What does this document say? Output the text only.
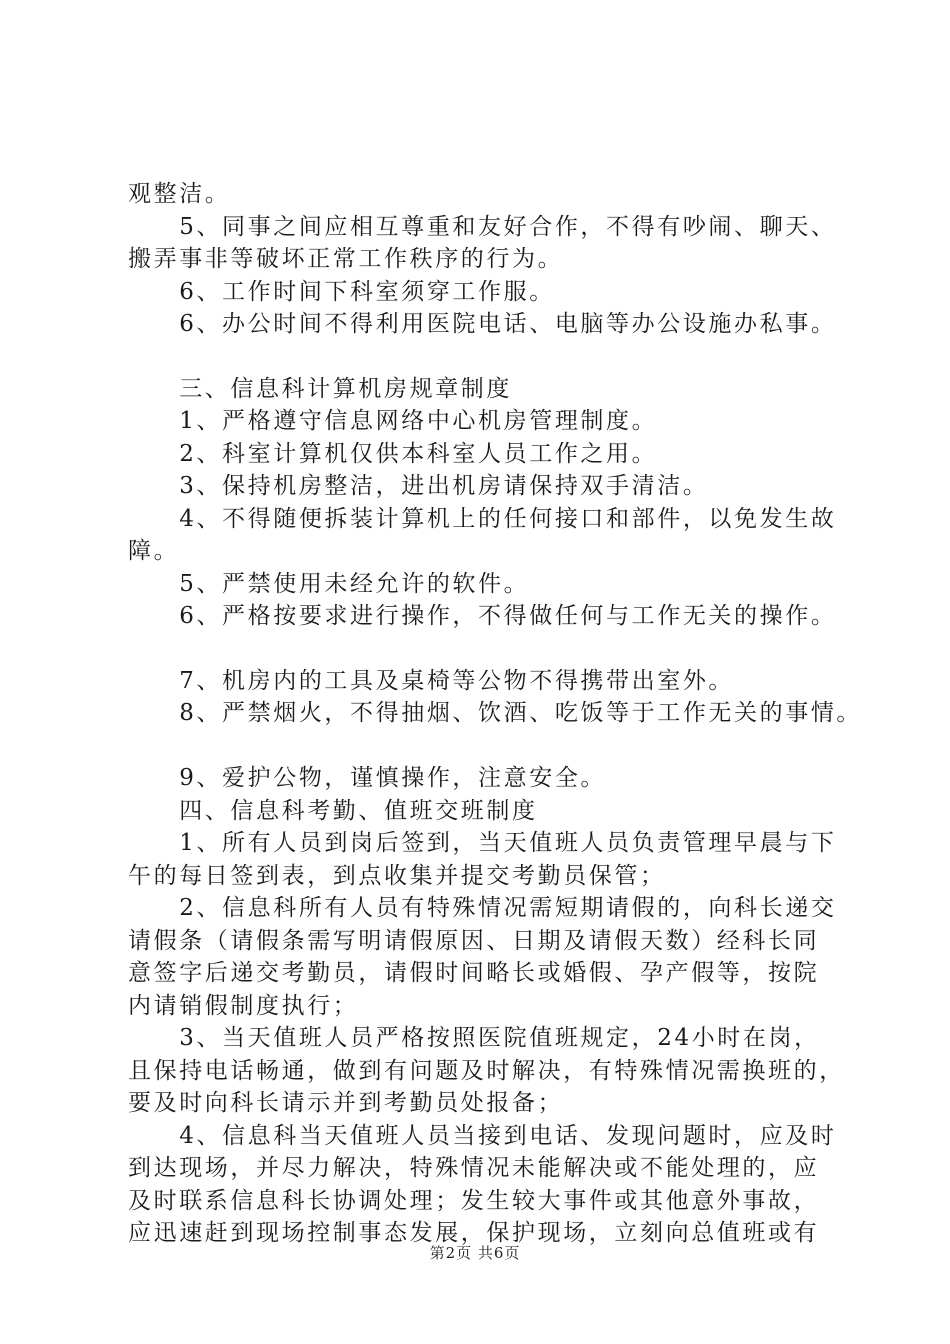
观整洁。

　　5、同事之间应相互尊重和友好合作，不得有吵闹、聊天、

搬弄事非等破坏正常工作秩序的行为。

　　6、工作时间下科室须穿工作服。

　　6、办公时间不得利用医院电话、电脑等办公设施办私事。

　　三、信息科计算机房规章制度

　　1、严格遵守信息网络中心机房管理制度。

　　2、科室计算机仅供本科室人员工作之用。

　　3、保持机房整洁，进出机房请保持双手清洁。

　　4、不得随便拆装计算机上的任何接口和部件，以免发生故

障。

　　5、严禁使用未经允许的软件。

　　6、严格按要求进行操作，不得做任何与工作无关的操作。

　　7、机房内的工具及桌椅等公物不得携带出室外。

　　8、严禁烟火，不得抽烟、饮酒、吃饭等于工作无关的事情。

　　9、爱护公物，谨慎操作，注意安全。

　　四、信息科考勤、值班交班制度

　　1、所有人员到岗后签到，当天值班人员负责管理早晨与下

午的每日签到表，到点收集并提交考勤员保管；

　　2、信息科所有人员有特殊情况需短期请假的，向科长递交

请假条（请假条需写明请假原因、日期及请假天数）经科长同

意签字后递交考勤员，请假时间略长或婚假、孕产假等，按院

内请销假制度执行；

　　3、当天值班人员严格按照医院值班规定，24小时在岗，

且保持电话畅通，做到有问题及时解决，有特殊情况需换班的，

要及时向科长请示并到考勤员处报备；

　　4、信息科当天值班人员当接到电话、发现问题时，应及时

到达现场，并尽力解决，特殊情况未能解决或不能处理的，应

及时联系信息科长协调处理；发生较大事件或其他意外事故，

应迅速赶到现场控制事态发展，保护现场，立刻向总值班或有

第2页 共6页
